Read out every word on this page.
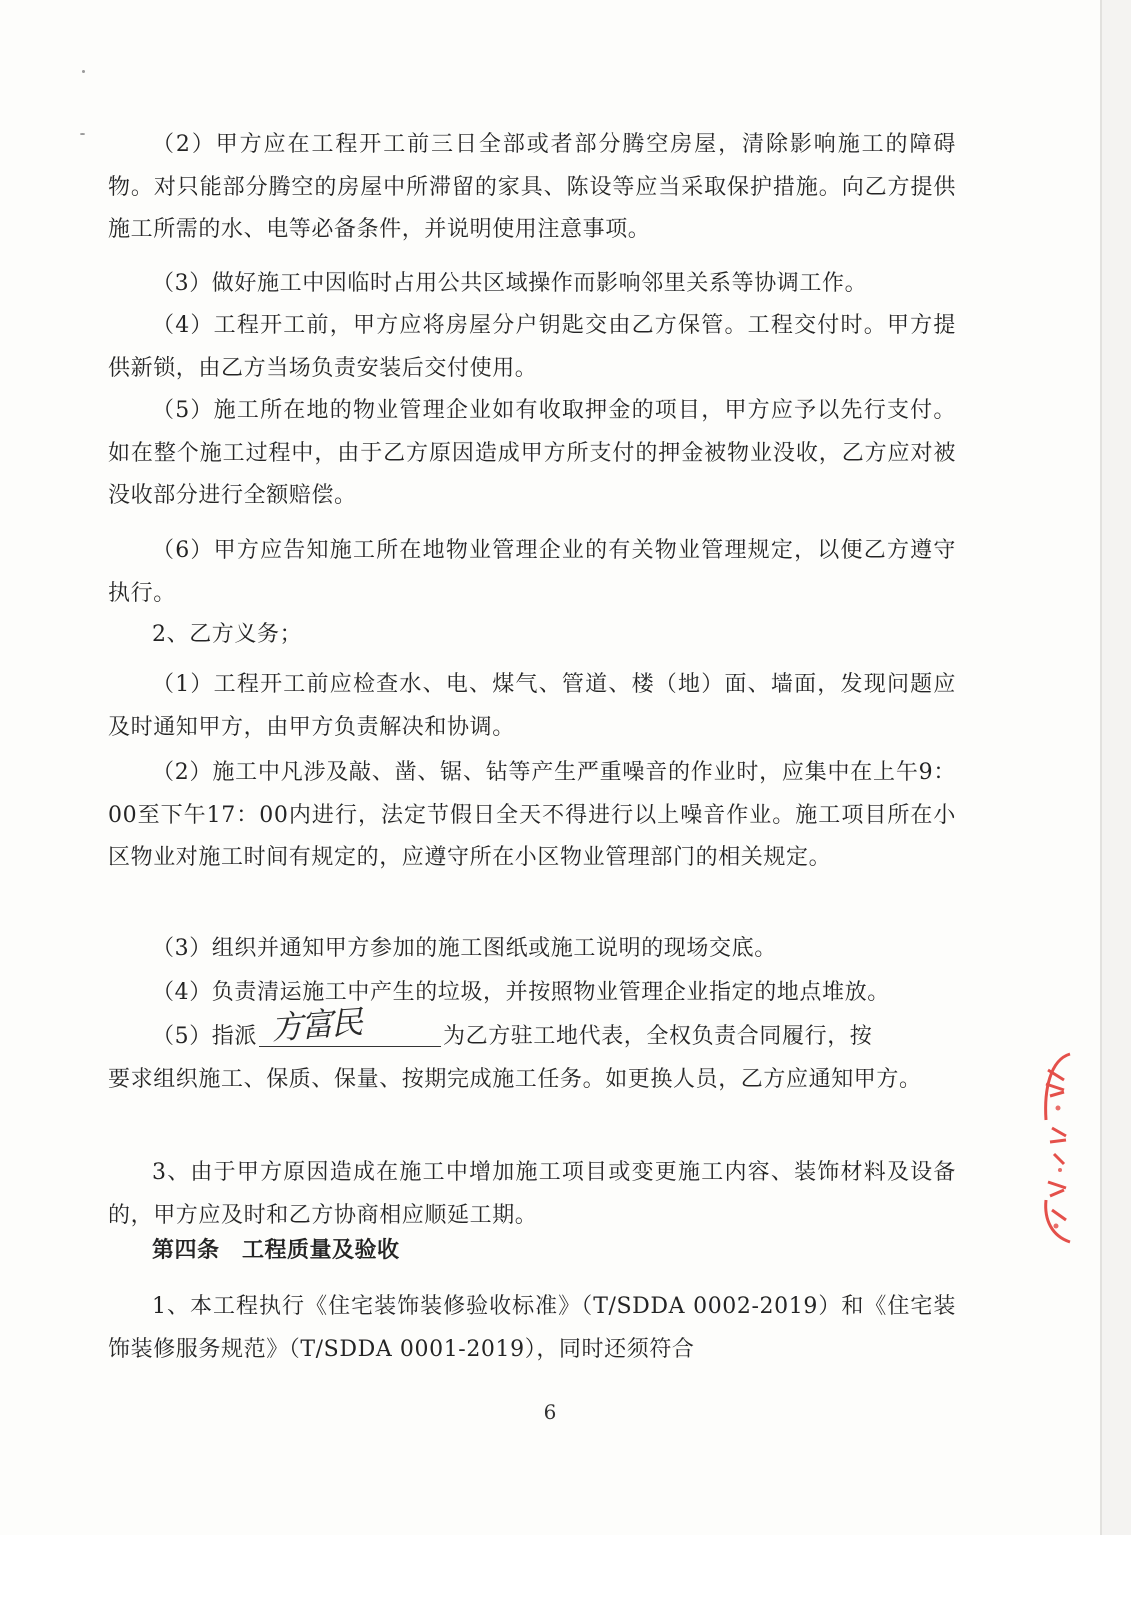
（2）甲方应在工程开工前三日全部或者部分腾空房屋，清除影响施工的障碍物。对只能部分腾空的房屋中所滞留的家具、陈设等应当采取保护措施。向乙方提供施工所需的水、电等必备条件，并说明使用注意事项。

（3）做好施工中因临时占用公共区域操作而影响邻里关系等协调工作。

（4）工程开工前，甲方应将房屋分户钥匙交由乙方保管。工程交付时。甲方提供新锁，由乙方当场负责安装后交付使用。

（5）施工所在地的物业管理企业如有收取押金的项目，甲方应予以先行支付。如在整个施工过程中，由于乙方原因造成甲方所支付的押金被物业没收，乙方应对被没收部分进行全额赔偿。

（6）甲方应告知施工所在地物业管理企业的有关物业管理规定，以便乙方遵守执行。

2、乙方义务；

（1）工程开工前应检查水、电、煤气、管道、楼（地）面、墙面，发现问题应及时通知甲方，由甲方负责解决和协调。

（2）施工中凡涉及敲、凿、锯、钻等产生严重噪音的作业时，应集中在上午9：00至下午17：00内进行，法定节假日全天不得进行以上噪音作业。施工项目所在小区物业对施工时间有规定的，应遵守所在小区物业管理部门的相关规定。

（3）组织并通知甲方参加的施工图纸或施工说明的现场交底。

（4）负责清运施工中产生的垃圾，并按照物业管理企业指定的地点堆放。

（5）指派 方富民	为乙方驻工地代表，全权负责合同履行，按

要求组织施工、保质、保量、按期完成施工任务。如更换人员，乙方应通知甲方。

3、由于甲方原因造成在施工中增加施工项目或变更施工内容、装饰材料及设备的，甲方应及时和乙方协商相应顺延工期。

第四条　工程质量及验收

1、本工程执行《住宅装饰装修验收标准》（T/SDDA 0002-2019）和《住宅装饰装修服务规范》（T/SDDA 0001-2019），同时还须符合

6
